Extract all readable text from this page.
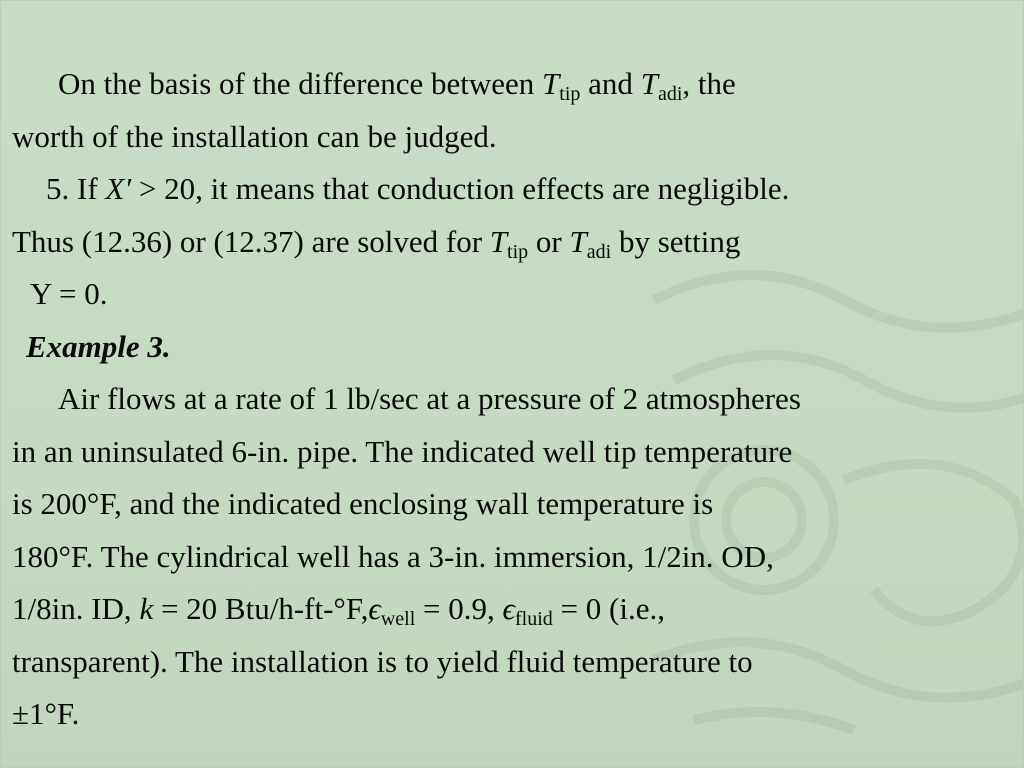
On the basis of the difference between $T_{tip}$ and $T_{adi}$, the
worth of the installation can be judged.
5. If X′ > 20, it means that conduction effects are negligible.
Thus (12.36) or (12.37) are solved for $T_{tip}$ or $T_{adi}$ by setting
Y = 0.
Example 3.
Air flows at a rate of 1 lb/sec at a pressure of 2 atmospheres
in an uninsulated 6-in. pipe. The indicated well tip temperature
is 200°F, and the indicated enclosing wall temperature is
180°F. The cylindrical well has a 3-in. immersion, 1/2in. OD,
1/8in. ID, k = 20 Btu/$h-ft-^\circ F,\epsilon_{well} = 0.9$, $\epsilon_{fluid} = 0$ (i.e.,
transparent). The installation is to yield fluid temperature to
±1°F.
